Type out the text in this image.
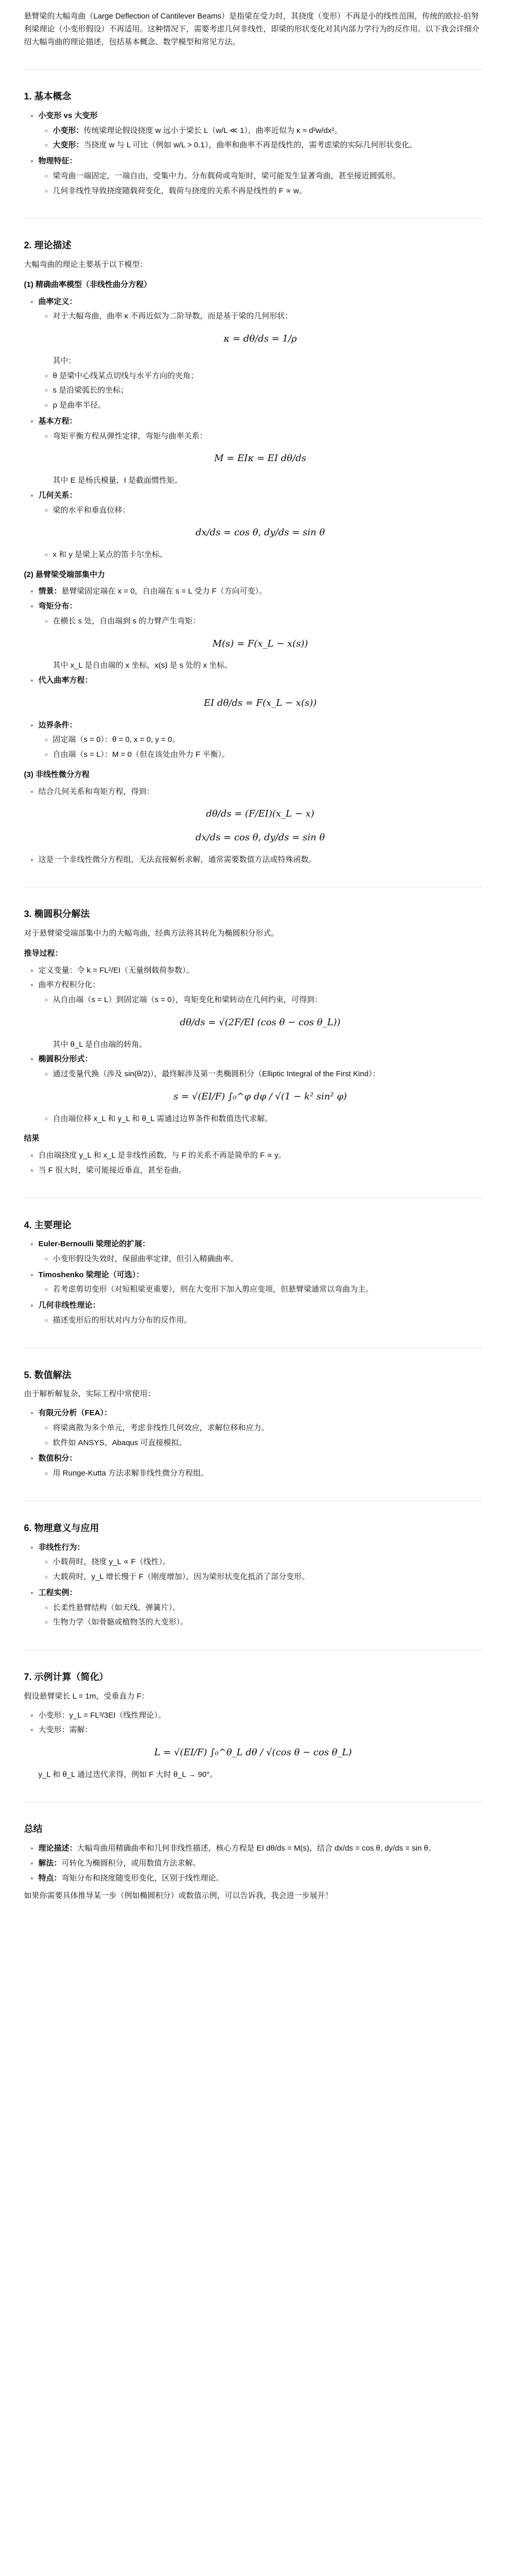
悬臂梁的大幅弯曲（Large Deflection of Cantilever Beams）是指梁在受力时，其挠度（变形）不再是小的线性范围，传统的欧拉-伯努利梁理论（小变形假设）不再适用。这种情况下，需要考虑几何非线性，即梁的形状变化对其内部力学行为的反作用。以下我会详细介绍大幅弯曲的理论描述，包括基本概念、数学模型和常见方法。

1. 基本概念
• 小变形 vs 大变形
◦ 小变形：传统梁理论假设挠度 w 远小于梁长 L（w/L ≪ 1），曲率近似为 κ ≈ d²w/dx²。
◦ 大变形：当挠度 w 与 L 可比（例如 w/L > 0.1），曲率和曲率不再是线性的，需考虑梁的实际几何形状变化。
• 物理特征：
◦ 梁弯曲一端固定，一端自由，受集中力、分布载荷或弯矩时，梁可能发生显著弯曲，甚至接近圆弧形。
◦ 几何非线性导致挠度随载荷变化，载荷与挠度的关系不再是线性的 F ∝ w。
2. 理论描述

大幅弯曲的理论主要基于以下模型：

(1) 精确曲率模型（非线性曲分方程）
• 曲率定义：
◦ 对于大幅弯曲，曲率 κ 不再近似为二阶导数，而是基于梁的几何形状：
κ = dθ/ds = 1/ρ
其中：
◦ θ 是梁中心线某点切线与水平方向的夹角；
◦ s 是沿梁弧长的坐标；
◦ ρ 是曲率半径。
• 基本方程：
◦ 弯矩平衡方程从弹性定律，弯矩与曲率关系：
M = EIκ = EI dθ/ds
其中 E 是杨氏模量，I 是截面惯性矩。
• 几何关系：
◦ 梁的水平和垂直位移：
dx/ds = cos θ, dy/ds = sin θ
◦ x 和 y 是梁上某点的笛卡尔坐标。
(2) 悬臂梁受端部集中力
• 情景：悬臂梁固定端在 x = 0，自由端在 s = L 受力 F（方向可变）。
• 弯矩分布：
◦ 在横长 s 处，自由端到 s 的力臂产生弯矩：
M(s) = F(x_L − x(s))
其中 x_L 是自由端的 x 坐标，x(s) 是 s 处的 x 坐标。
• 代入曲率方程：
EI dθ/ds = F(x_L − x(s))
• 边界条件：
◦ 固定端（s = 0）：θ = 0, x = 0, y = 0。
◦ 自由端（s = L）：M = 0（但在该处由外力 F 平衡）。
(3) 非线性微分方程
• 结合几何关系和弯矩方程，得到：
dθ/ds = (F/EI)(x_L − x)
dx/ds = cos θ, dy/ds = sin θ
• 这是一个非线性微分方程组，无法直接解析求解，通常需要数值方法或特殊函数。
3. 椭圆积分解法

对于悬臂梁受端部集中力的大幅弯曲，经典方法将其转化为椭圆积分形式。

推导过程：
• 定义变量：令 k = FL²/EI（无量纲载荷参数）。
• 曲率方程积分化：
◦ 从自由端（s = L）到固定端（s = 0），弯矩变化和梁转动在几何约束，可得到：
dθ/ds = √(2F/EI (cos θ − cos θ_L))
其中 θ_L 是自由端的转角。
• 椭圆积分形式：
◦ 通过变量代换（涉及 sin(θ/2)），最终解涉及第一类椭圆积分（Elliptic Integral of the First Kind）：
s = √(EI/F) ∫₀^φ dφ / √(1 − k² sin² φ)
◦ 自由端位移 x_L 和 y_L 和 θ_L 需通过边界条件和数值迭代求解。
结果
• 自由端挠度 y_L 和 x_L 是非线性函数，与 F 的关系不再是简单的 F ∝ y。
• 当 F 很大时，梁可能接近垂直，甚至卷曲。
4. 主要理论
• Euler-Bernoulli 梁理论的扩展：
◦ 小变形假设失效时，保留曲率定律，但引入精确曲率。
• Timoshenko 梁理论（可选）：
◦ 若考虑剪切变形（对短粗梁更重要），则在大变形下加入剪应变项，但悬臂梁通常以弯曲为主。
• 几何非线性理论：
◦ 描述变形后的形状对内力分布的反作用。
5. 数值解法

由于解析解复杂，实际工程中常使用：

• 有限元分析（FEA）：
◦ 将梁离散为多个单元，考虑非线性几何效应，求解位移和应力。
◦ 软件如 ANSYS、Abaqus 可直接模拟。
• 数值积分：
◦ 用 Runge-Kutta 方法求解非线性微分方程组。
6. 物理意义与应用
• 非线性行为：
◦ 小载荷时，挠度 y_L ∝ F（线性）。
◦ 大载荷时，y_L 增长慢于 F（刚度增加），因为梁形状变化抵消了部分变形。
• 工程实例：
◦ 长柔性悬臂结构（如天线、弹簧片）。
◦ 生物力学（如骨骼或植物茎的大变形）。
7. 示例计算（简化）

假设悬臂梁长 L = 1m，受垂直力 F：

• 小变形：y_L = FL³/3EI（线性理论）。
• 大变形：需解：
L = √(EI/F) ∫₀^θ_L dθ / √(cos θ − cos θ_L)

y_L 和 θ_L 通过迭代求得，例如 F 大时 θ_L → 90°。

总结
• 理论描述：大幅弯曲用精确曲率和几何非线性描述，核心方程是 EI dθ/ds = M(s)，结合 dx/ds = cos θ, dy/ds = sin θ。
• 解法：可转化为椭圆积分，或用数值方法求解。
• 特点：弯矩分布和挠度随变形变化，区别于线性理论。

如果你需要具体推导某一步（例如椭圆积分）或数值示例，可以告诉我，我会进一步展开！
